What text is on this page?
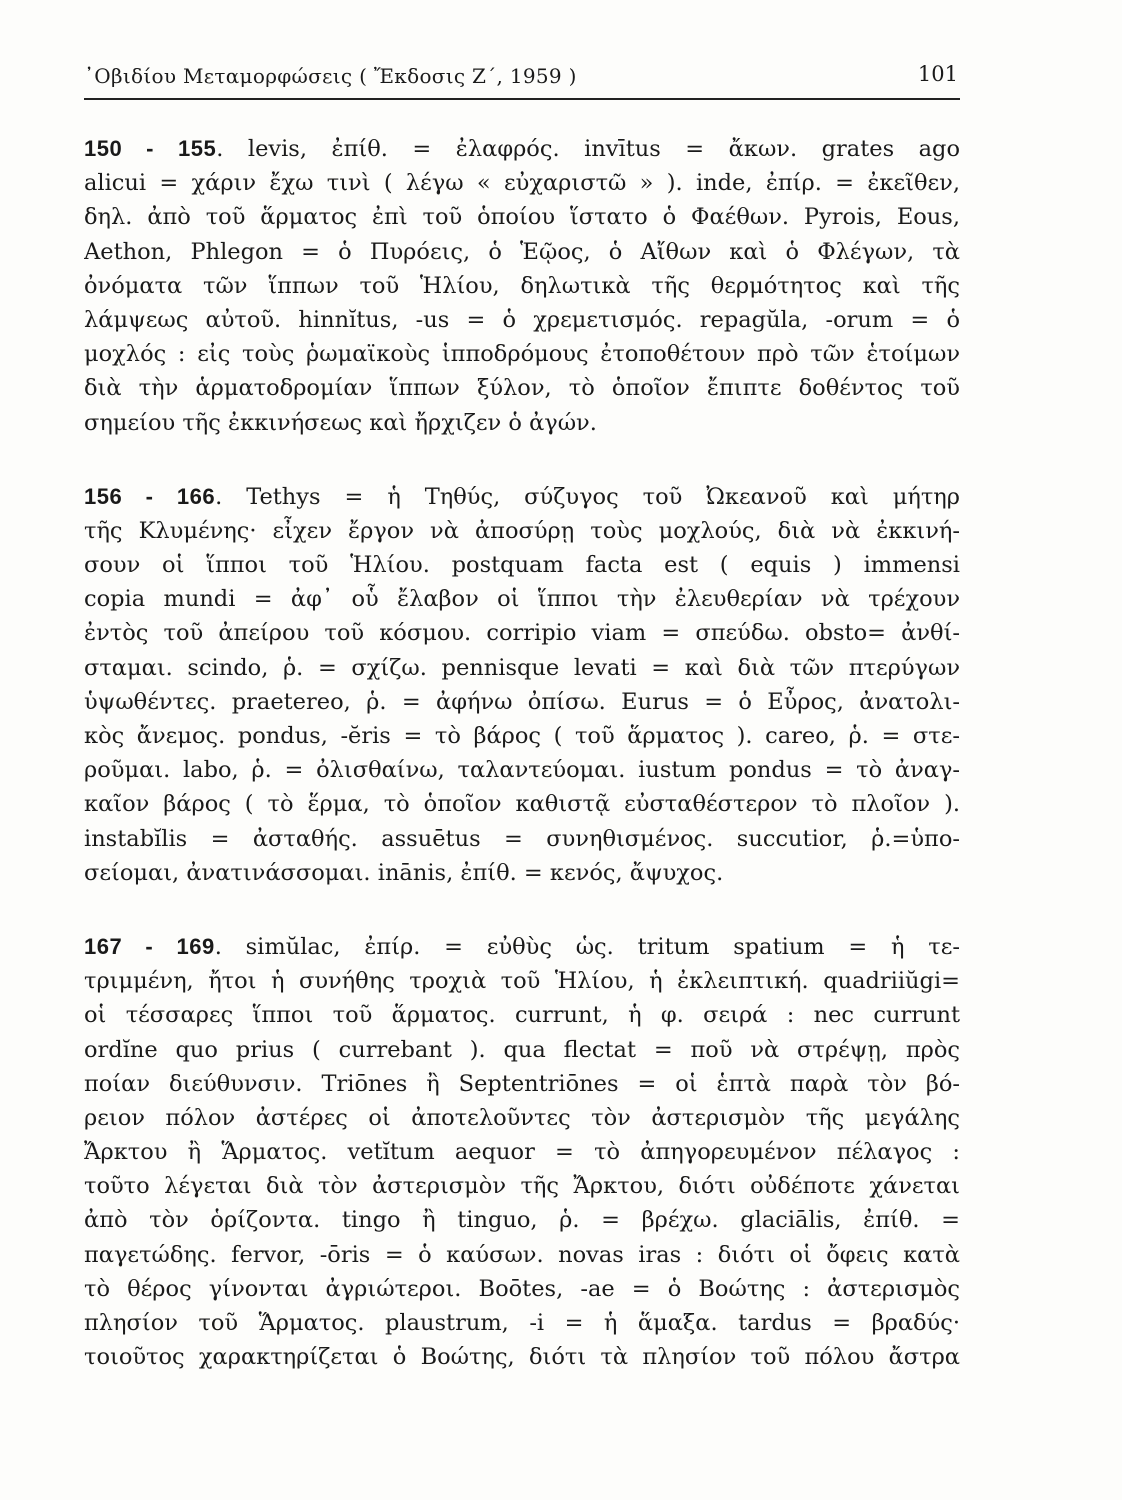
᾿Οβιδίου Μεταμορφώσεις ( Ἔκδοσις Ζ΄, 1959 )	101
150 - 155. levis, ἐπίθ. = ἐλαφρός. invītus = ἄκων. grates ago
alicui = χάριν ἔχω τινὶ ( λέγω « εὐχαριστῶ » ). inde, ἐπίρ. = ἐκεῖθεν,
δηλ. ἀπὸ τοῦ ἅρματος ἐπὶ τοῦ ὁποίου ἵστατο ὁ Φαέθων. Pyrois, Eous,
Aethon, Phlegon = ὁ Πυρόεις, ὁ Ἑῷος, ὁ Αἴθων καὶ ὁ Φλέγων, τὰ
ὀνόματα τῶν ἵππων τοῦ Ἡλίου, δηλωτικὰ τῆς θερμότητος καὶ τῆς
λάμψεως αὐτοῦ. hinnĭtus, -us = ὁ χρεμετισμός. repagŭla, -orum = ὁ
μοχλός : εἰς τοὺς ῥωμαϊκοὺς ἱπποδρόμους ἐτοποθέτουν πρὸ τῶν ἑτοίμων
διὰ τὴν ἁρματοδρομίαν ἵππων ξύλον, τὸ ὁποῖον ἔπιπτε δοθέντος τοῦ
σημείου τῆς ἐκκινήσεως καὶ ἤρχιζεν ὁ ἀγών.
156 - 166. Tethys = ἡ Τηθύς, σύζυγος τοῦ Ὠκεανοῦ καὶ μήτηρ
τῆς Κλυμένης· εἶχεν ἔργον νὰ ἀποσύρῃ τοὺς μοχλούς, διὰ νὰ ἐκκινή-
σουν οἱ ἵπποι τοῦ Ἡλίου. postquam facta est ( equis ) immensi
copia mundi = ἀφ᾿ οὗ ἔλαβον οἱ ἵπποι τὴν ἐλευθερίαν νὰ τρέχουν
ἐντὸς τοῦ ἀπείρου τοῦ κόσμου. corripio viam = σπεύδω. obsto= ἀνθί-
σταμαι. scindo, ῥ. = σχίζω. pennisque levati = καὶ διὰ τῶν πτερύγων
ὑψωθέντες. praetereo, ῥ. = ἀφήνω ὀπίσω. Eurus = ὁ Εὖρος, ἀνατολι-
κὸς ἄνεμος. pondus, -ĕris = τὸ βάρος ( τοῦ ἅρματος ). careo, ῥ. = στε-
ροῦμαι. labo, ῥ. = ὀλισθαίνω, ταλαντεύομαι. iustum pondus = τὸ ἀναγ-
καῖον βάρος ( τὸ ἕρμα, τὸ ὁποῖον καθιστᾷ εὐσταθέστερον τὸ πλοῖον ).
instabĭlis = ἀσταθής. assuētus = συνηθισμένος. succutior, ῥ.=ὑπο-
σείομαι, ἀνατινάσσομαι. inānis, ἐπίθ. = κενός, ἄψυχος.
167 - 169. simŭlac, ἐπίρ. = εὐθὺς ὡς. tritum spatium = ἡ τε-
τριμμένη, ἤτοι ἡ συνήθης τροχιὰ τοῦ Ἡλίου, ἡ ἐκλειπτική. quadriiŭgi=
οἱ τέσσαρες ἵπποι τοῦ ἅρματος. currunt, ἡ φ. σειρά : nec currunt
ordĭne quo prius ( currebant ). qua flectat = ποῦ νὰ στρέψῃ, πρὸς
ποίαν διεύθυνσιν. Triōnes ἢ Septentriōnes = οἱ ἑπτὰ παρὰ τὸν βό-
ρειον πόλον ἀστέρες οἱ ἀποτελοῦντες τὸν ἀστερισμὸν τῆς μεγάλης
Ἄρκτου ἢ Ἅρματος. vetĭtum aequor = τὸ ἀπηγορευμένον πέλαγος :
τοῦτο λέγεται διὰ τὸν ἀστερισμὸν τῆς Ἄρκτου, διότι οὐδέποτε χάνεται
ἀπὸ τὸν ὁρίζοντα. tingo ἢ tinguo, ῥ. = βρέχω. glaciālis, ἐπίθ. =
παγετώδης. fervor, -ōris = ὁ καύσων. novas iras : διότι οἱ ὄφεις κατὰ
τὸ θέρος γίνονται ἀγριώτεροι. Boōtes, -ae = ὁ Βοώτης : ἀστερισμὸς
πλησίον τοῦ Ἅρματος. plaustrum, -i = ἡ ἅμαξα. tardus = βραδύς·
τοιοῦτος χαρακτηρίζεται ὁ Βοώτης, διότι τὰ πλησίον τοῦ πόλου ἄστρα
